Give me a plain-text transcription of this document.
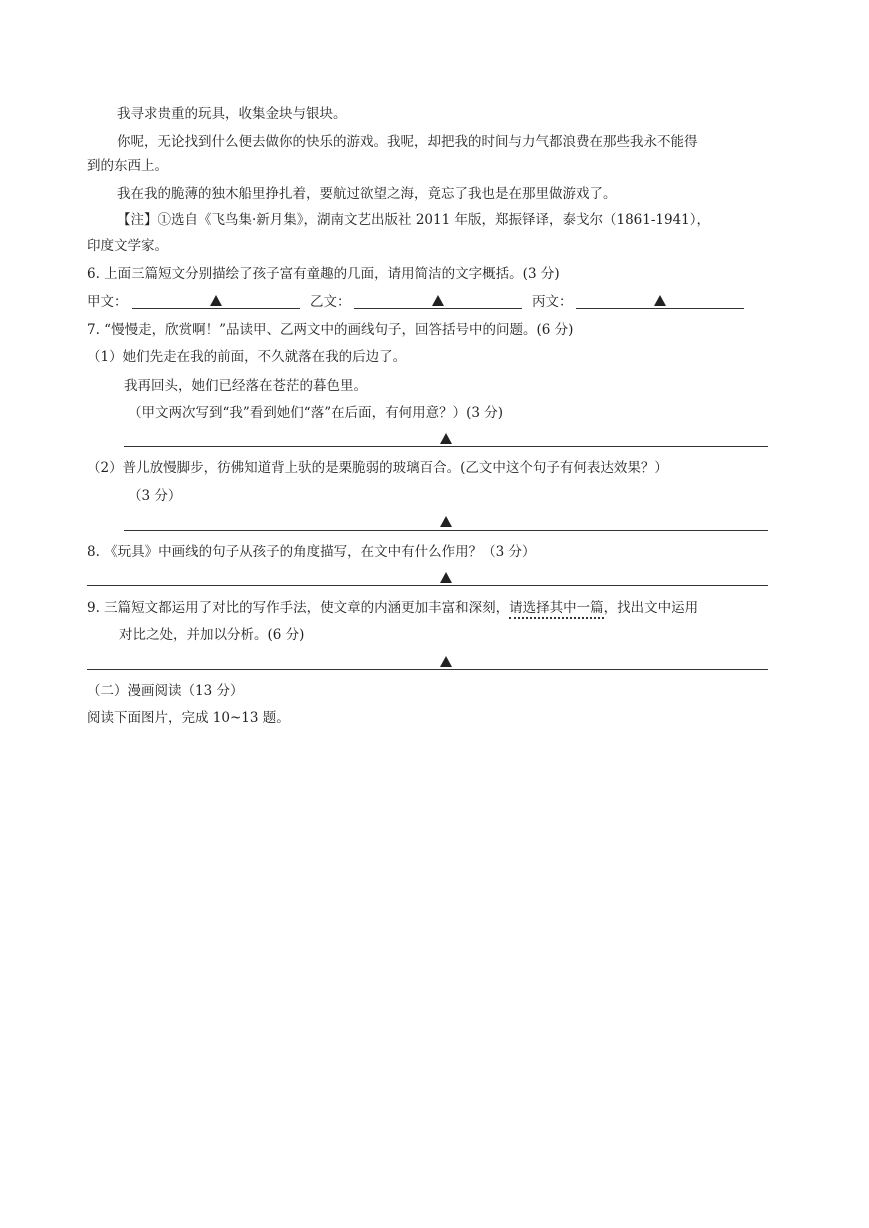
我寻求贵重的玩具，收集金块与银块。
你呢，无论找到什么便去做你的快乐的游戏。我呢，却把我的时间与力气都浪费在那些我永不能得
到的东西上。
我在我的脆薄的独木船里挣扎着，要航过欲望之海，竟忘了我也是在那里做游戏了。
【注】①选自《飞鸟集·新月集》，湖南文艺出版社 2011 年版，郑振铎译，泰戈尔（1861-1941），
印度文学家。
6. 上面三篇短文分别描绘了孩子富有童趣的几面，请用简洁的文字概括。(3 分)
甲文：	乙文：	丙文：
7. “慢慢走，欣赏啊！”品读甲、乙两文中的画线句子，回答括号中的问题。(6 分)
（1）她们先走在我的前面，不久就落在我的后边了。
我再回头，她们已经落在苍茫的暮色里。
（甲文两次写到“我”看到她们“落”在后面，有何用意？）(3 分)
（2）普儿放慢脚步，彷佛知道背上驮的是栗脆弱的玻璃百合。(乙文中这个句子有何表达效果？）
（3 分）
8. 《玩具》中画线的句子从孩子的角度描写，在文中有什么作用？（3 分）
9. 三篇短文都运用了对比的写作手法，使文章的内涵更加丰富和深刻，请选择其中一篇，找出文中运用
对比之处，并加以分析。(6 分)
（二）漫画阅读（13 分）
阅读下面图片，完成 10~13 题。
